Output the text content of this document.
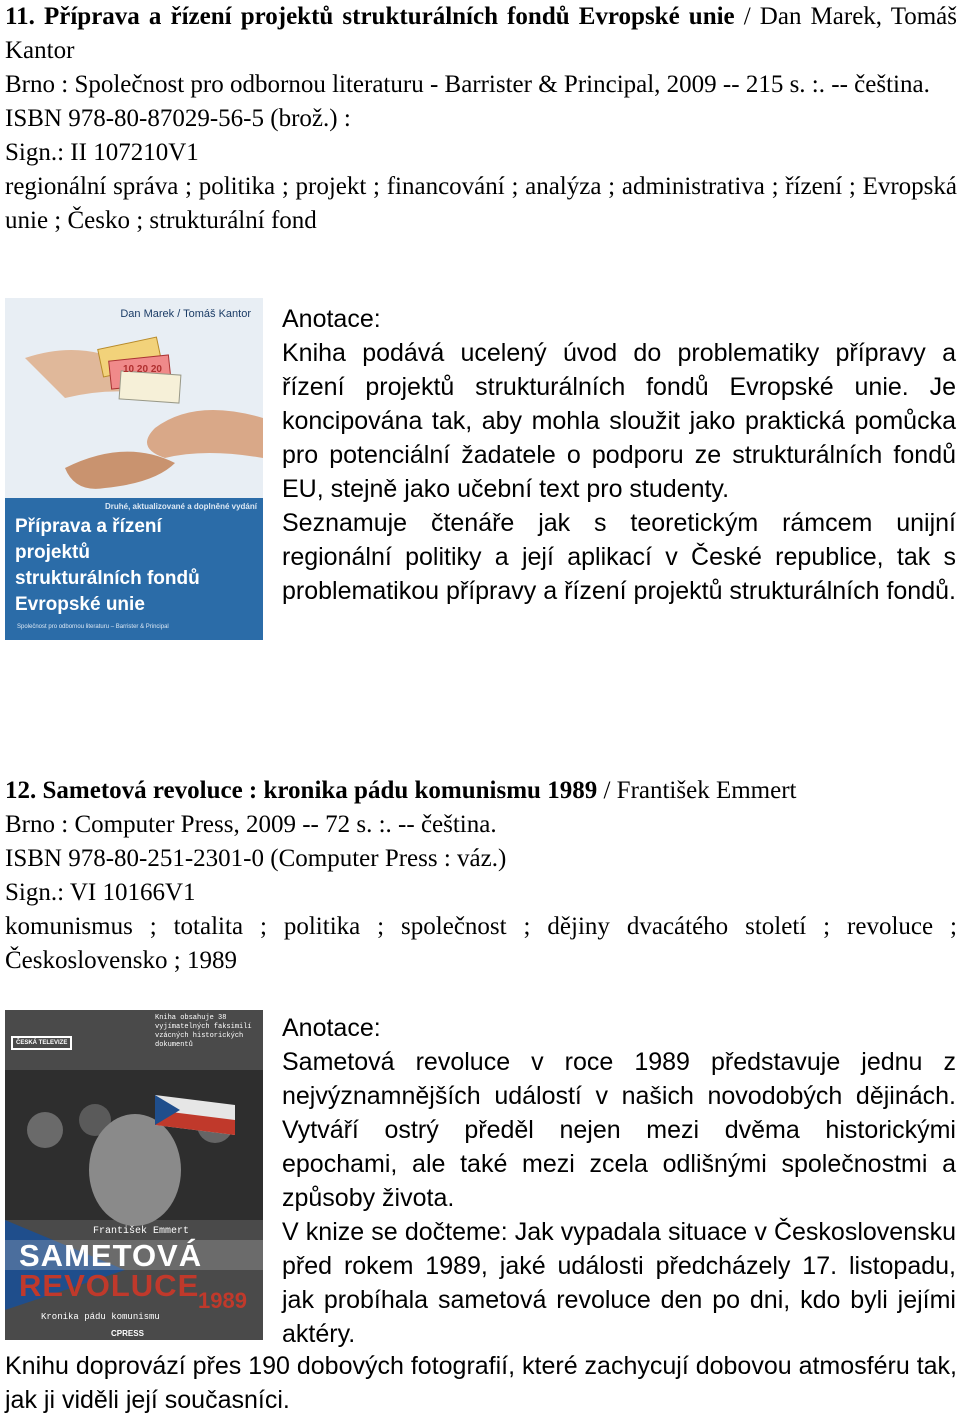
11. Příprava a řízení projektů strukturálních fondů Evropské unie / Dan Marek, Tomáš Kantor
Brno : Společnost pro odbornou literaturu - Barrister & Principal, 2009 -- 215 s. :. -- čeština.
ISBN 978-80-87029-56-5 (brož.) :
Sign.: II 107210V1
regionální správa ; politika ; projekt ; financování ; analýza ; administrativa ; řízení ; Evropská unie ; Česko ; strukturální fond
10 20 20
Dan Marek / Tomáš Kantor
Druhé, aktualizované a doplněné vydání
Příprava a řízení
projektů
strukturálních fondů
Evropské unie
Společnost pro odbornou literaturu – Barrister & Principal
Anotace:

Kniha podává ucelený úvod do problematiky přípravy a řízení projektů strukturálních fondů Evropské unie. Je koncipována tak, aby mohla sloužit jako praktická pomůcka pro potenciální žadatele o podporu ze strukturálních fondů EU, stejně jako učební text pro studenty.

Seznamuje čtenáře jak s teoretickým rámcem unijní regionální politiky a její aplikací v České republice, tak s problematikou přípravy a řízení projektů strukturálních fondů.

12. Sametová revoluce : kronika pádu komunismu 1989 / František Emmert
Brno : Computer Press, 2009 -- 72 s. :. -- čeština.
ISBN 978-80-251-2301-0 (Computer Press : váz.)
Sign.: VI 10166V1
komunismus ; totalita ; politika ; společnost ; dějiny dvacátého století ; revoluce ; Československo ; 1989
ČESKÁ TELEVIZE
Kniha obsahuje 38 vyjímatelných faksimilí vzácných historických dokumentů
František Emmert
SAMETOVÁ
REVOLUCE
1989
Kronika pádu komunismu
CPRESS
Anotace:

Sametová revoluce v roce 1989 představuje jednu z nejvýznamnějších událostí v našich novodobých dějinách. Vytváří ostrý předěl nejen mezi dvěma historickými epochami, ale také mezi zcela odlišnými společnostmi a způsoby života.

V knize se dočteme: Jak vypadala situace v Československu před rokem 1989, jaké události předcházely 17. listopadu, jak probíhala sametová revoluce den po dni, kdo byli jejími aktéry.

Knihu doprovází přes 190 dobových fotografií, které zachycují dobovou atmosféru tak, jak ji viděli její současníci.
